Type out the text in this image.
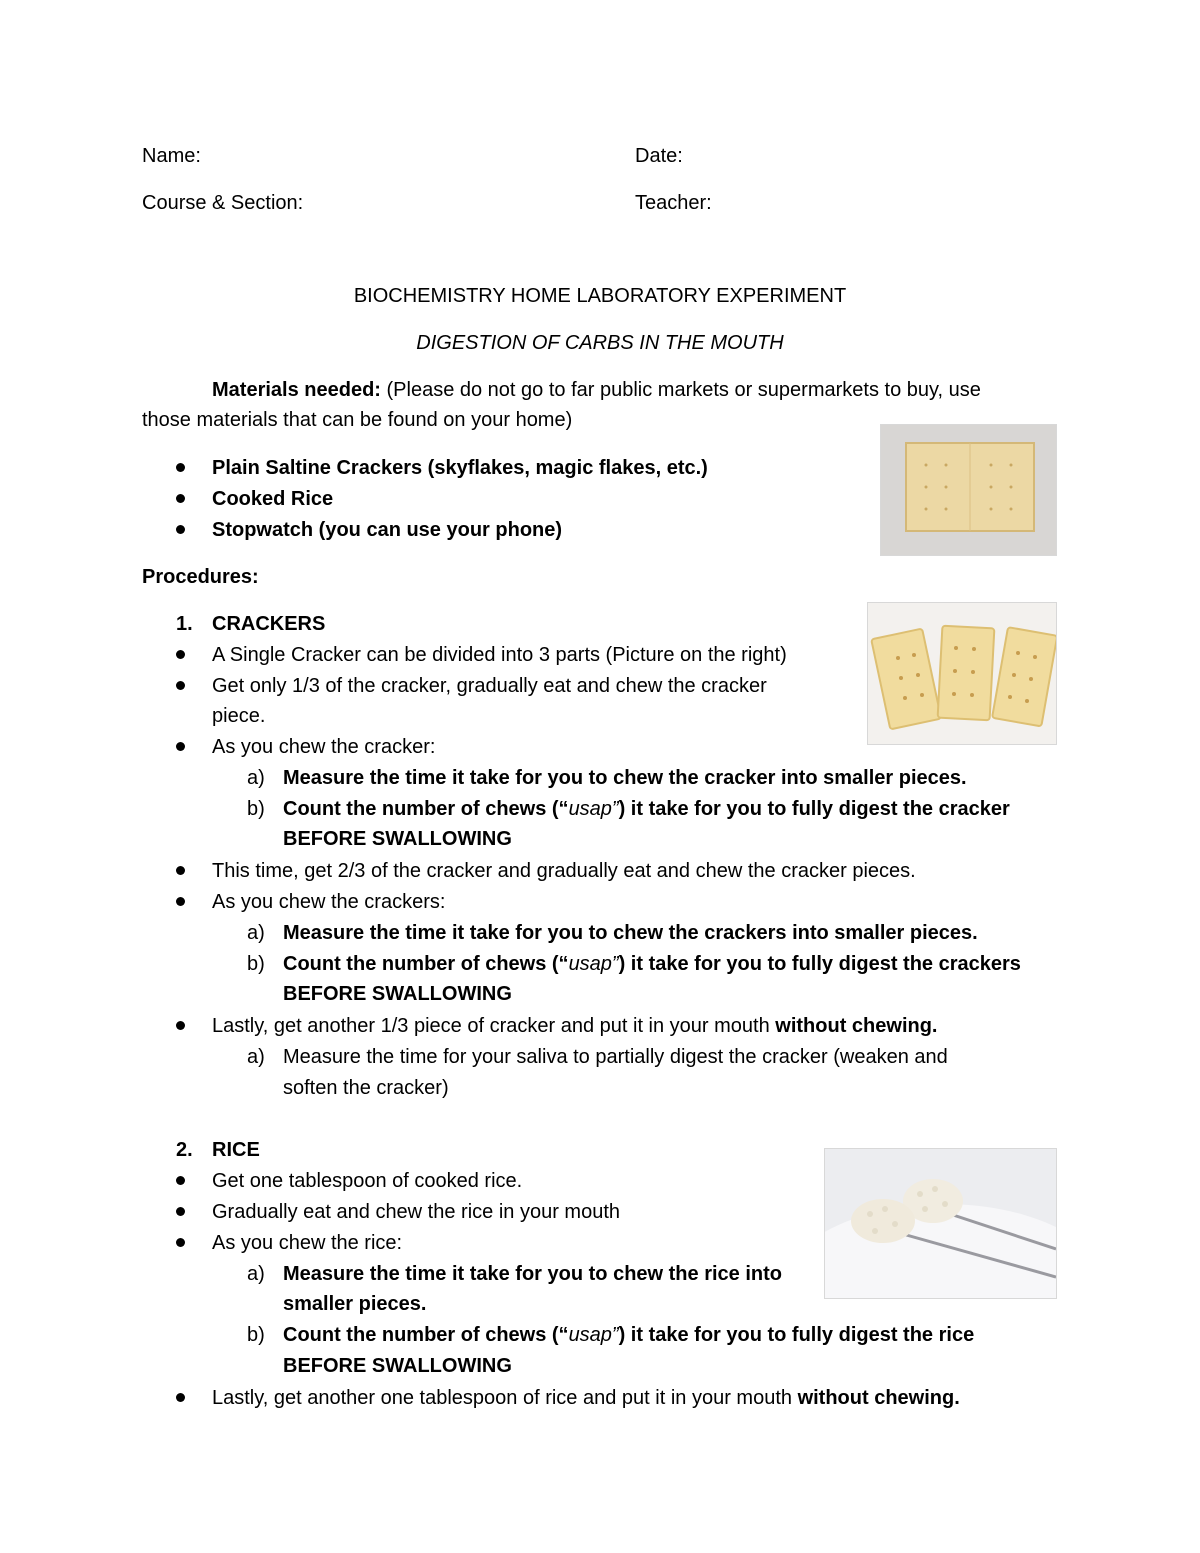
Name:	Date:
Course & Section:	Teacher:
BIOCHEMISTRY HOME LABORATORY EXPERIMENT
DIGESTION OF CARBS IN THE MOUTH
Materials needed: (Please do not go to far public markets or supermarkets to buy, use
those materials that can be found on your home)
Plain Saltine Crackers (skyflakes, magic flakes, etc.)
Cooked Rice
Stopwatch (you can use your phone)
Procedures:
1. CRACKERS
A Single Cracker can be divided into 3 parts (Picture on the right)
Get only 1/3 of the cracker, gradually eat and chew the cracker
piece.
As you chew the cracker:
a) Measure the time it take for you to chew the cracker into smaller pieces.
b) Count the number of chews (“usap”) it take for you to fully digest the cracker
BEFORE SWALLOWING
This time, get 2/3 of the cracker and gradually eat and chew the cracker pieces.
As you chew the crackers:
a) Measure the time it take for you to chew the crackers into smaller pieces.
b) Count the number of chews (“usap”) it take for you to fully digest the crackers
BEFORE SWALLOWING
Lastly, get another 1/3 piece of cracker and put it in your mouth without chewing.
a) Measure the time for your saliva to partially digest the cracker (weaken and
soften the cracker)
2. RICE
Get one tablespoon of cooked rice.
Gradually eat and chew the rice in your mouth
As you chew the rice:
a) Measure the time it take for you to chew the rice into
smaller pieces.
b) Count the number of chews (“usap”) it take for you to fully digest the rice
BEFORE SWALLOWING
Lastly, get another one tablespoon of rice and put it in your mouth without chewing.
